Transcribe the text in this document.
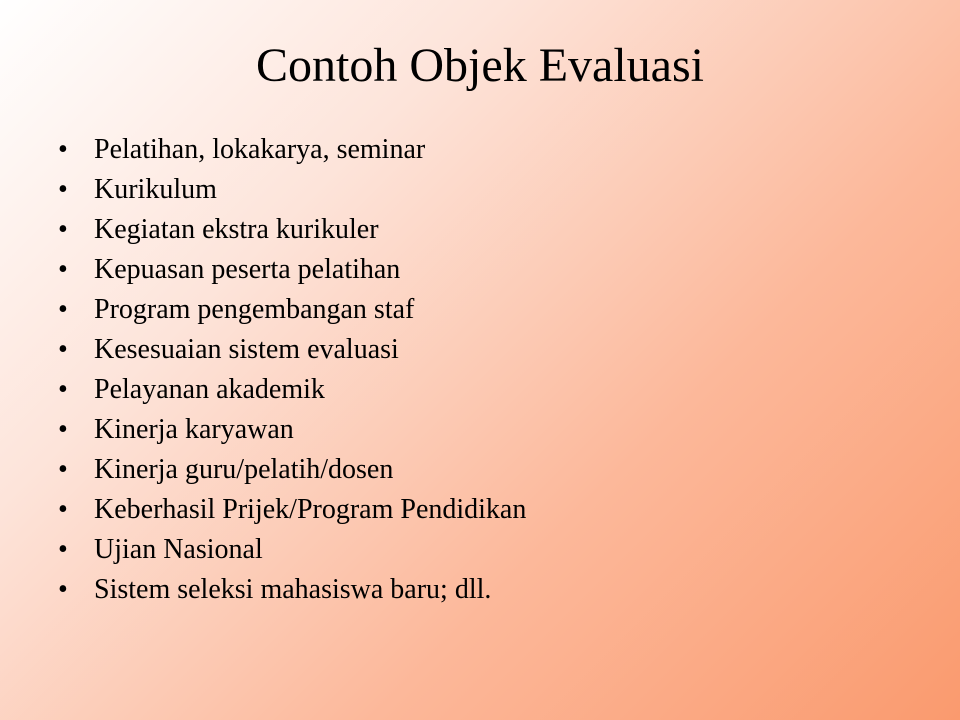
Contoh Objek Evaluasi
• Pelatihan, lokakarya, seminar
• Kurikulum
• Kegiatan ekstra kurikuler
• Kepuasan peserta pelatihan
• Program pengembangan staf
• Kesesuaian sistem evaluasi
• Pelayanan akademik
• Kinerja karyawan
• Kinerja guru/pelatih/dosen
• Keberhasil Prijek/Program Pendidikan
• Ujian Nasional
• Sistem seleksi mahasiswa baru; dll.
